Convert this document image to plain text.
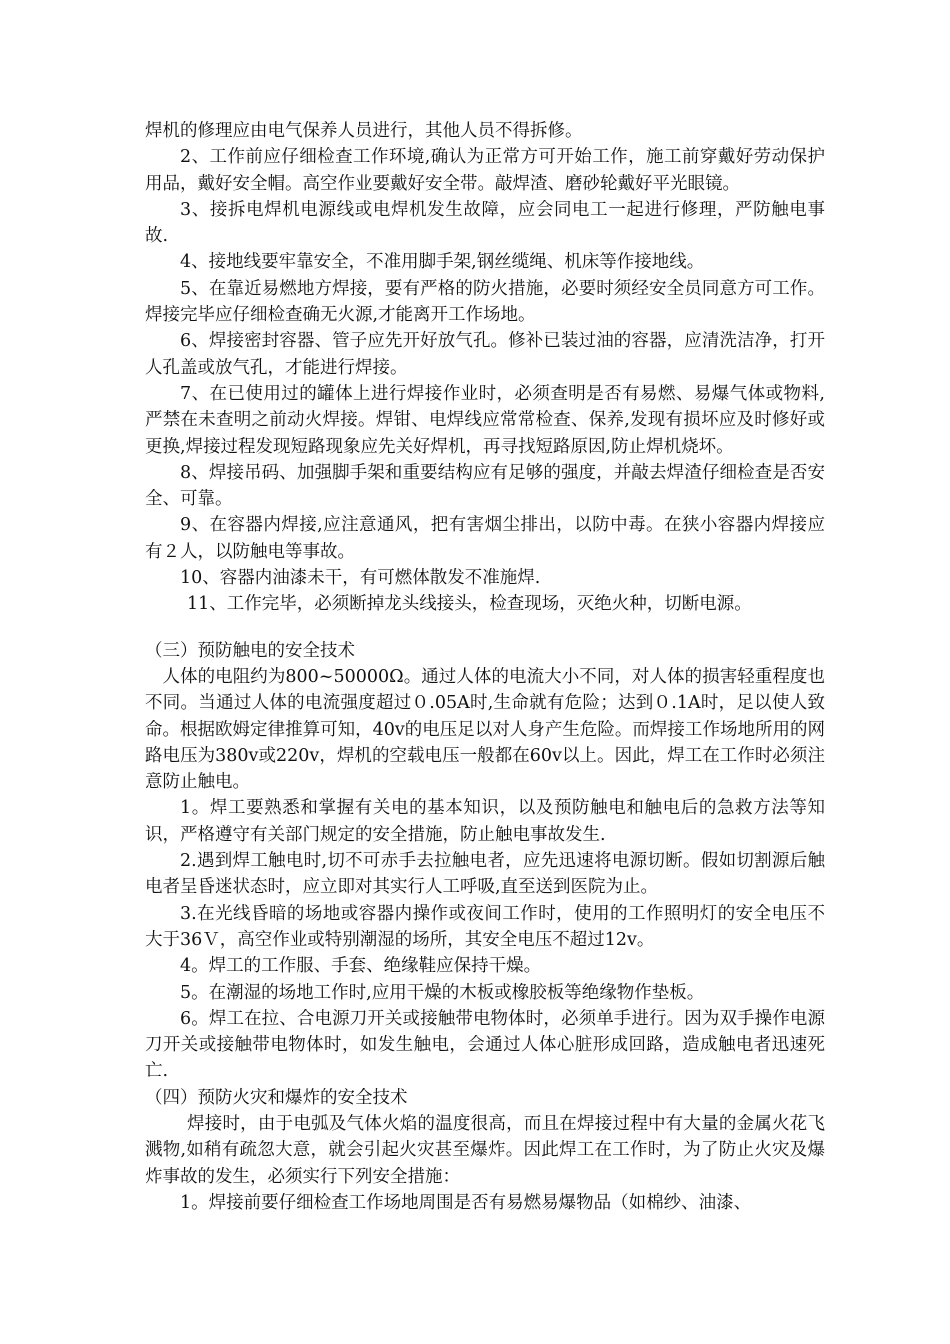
焊机的修理应由电气保养人员进行，其他人员不得拆修。

2、工作前应仔细检查工作环境,确认为正常方可开始工作，施工前穿戴好劳动保护用品，戴好安全帽。高空作业要戴好安全带。敲焊渣、磨砂轮戴好平光眼镜。

3、接拆电焊机电源线或电焊机发生故障，应会同电工一起进行修理，严防触电事故.

4、接地线要牢靠安全，不准用脚手架,钢丝缆绳、机床等作接地线。

5、在靠近易燃地方焊接，要有严格的防火措施，必要时须经安全员同意方可工作。焊接完毕应仔细检查确无火源,才能离开工作场地。

6、焊接密封容器、管子应先开好放气孔。修补已装过油的容器，应清洗洁净，打开人孔盖或放气孔，才能进行焊接。

7、在已使用过的罐体上进行焊接作业时，必须查明是否有易燃、易爆气体或物料,严禁在未查明之前动火焊接。焊钳、电焊线应常常检查、保养,发现有损坏应及时修好或更换,焊接过程发现短路现象应先关好焊机，再寻找短路原因,防止焊机烧坏。

8、焊接吊码、加强脚手架和重要结构应有足够的强度，并敲去焊渣仔细检查是否安全、可靠。

9、在容器内焊接,应注意通风，把有害烟尘排出，以防中毒。在狭小容器内焊接应有２人，以防触电等事故。

10、容器内油漆未干，有可燃体散发不准施焊.

11、工作完毕，必须断掉龙头线接头，检查现场，灭绝火种，切断电源。

（三）预防触电的安全技术

人体的电阻约为800~50000Ω。通过人体的电流大小不同，对人体的损害轻重程度也不同。当通过人体的电流强度超过０.05A时,生命就有危险；达到０.1A时，足以使人致命。根据欧姆定律推算可知，40v的电压足以对人身产生危险。而焊接工作场地所用的网路电压为380v或220v，焊机的空载电压一般都在60v以上。因此，焊工在工作时必须注意防止触电。

1。焊工要熟悉和掌握有关电的基本知识，以及预防触电和触电后的急救方法等知识，严格遵守有关部门规定的安全措施，防止触电事故发生.

2.遇到焊工触电时,切不可赤手去拉触电者，应先迅速将电源切断。假如切割源后触电者呈昏迷状态时，应立即对其实行人工呼吸,直至送到医院为止。

3.在光线昏暗的场地或容器内操作或夜间工作时，使用的工作照明灯的安全电压不大于36Ｖ，高空作业或特别潮湿的场所，其安全电压不超过12v。

4。焊工的工作服、手套、绝缘鞋应保持干燥。

5。在潮湿的场地工作时,应用干燥的木板或橡胶板等绝缘物作垫板。

6。焊工在拉、合电源刀开关或接触带电物体时，必须单手进行。因为双手操作电源刀开关或接触带电物体时，如发生触电，会通过人体心脏形成回路，造成触电者迅速死亡.

（四）预防火灾和爆炸的安全技术

焊接时，由于电弧及气体火焰的温度很高，而且在焊接过程中有大量的金属火花飞溅物,如稍有疏忽大意，就会引起火灾甚至爆炸。因此焊工在工作时，为了防止火灾及爆炸事故的发生，必须实行下列安全措施：

1。焊接前要仔细检查工作场地周围是否有易燃易爆物品（如棉纱、油漆、
